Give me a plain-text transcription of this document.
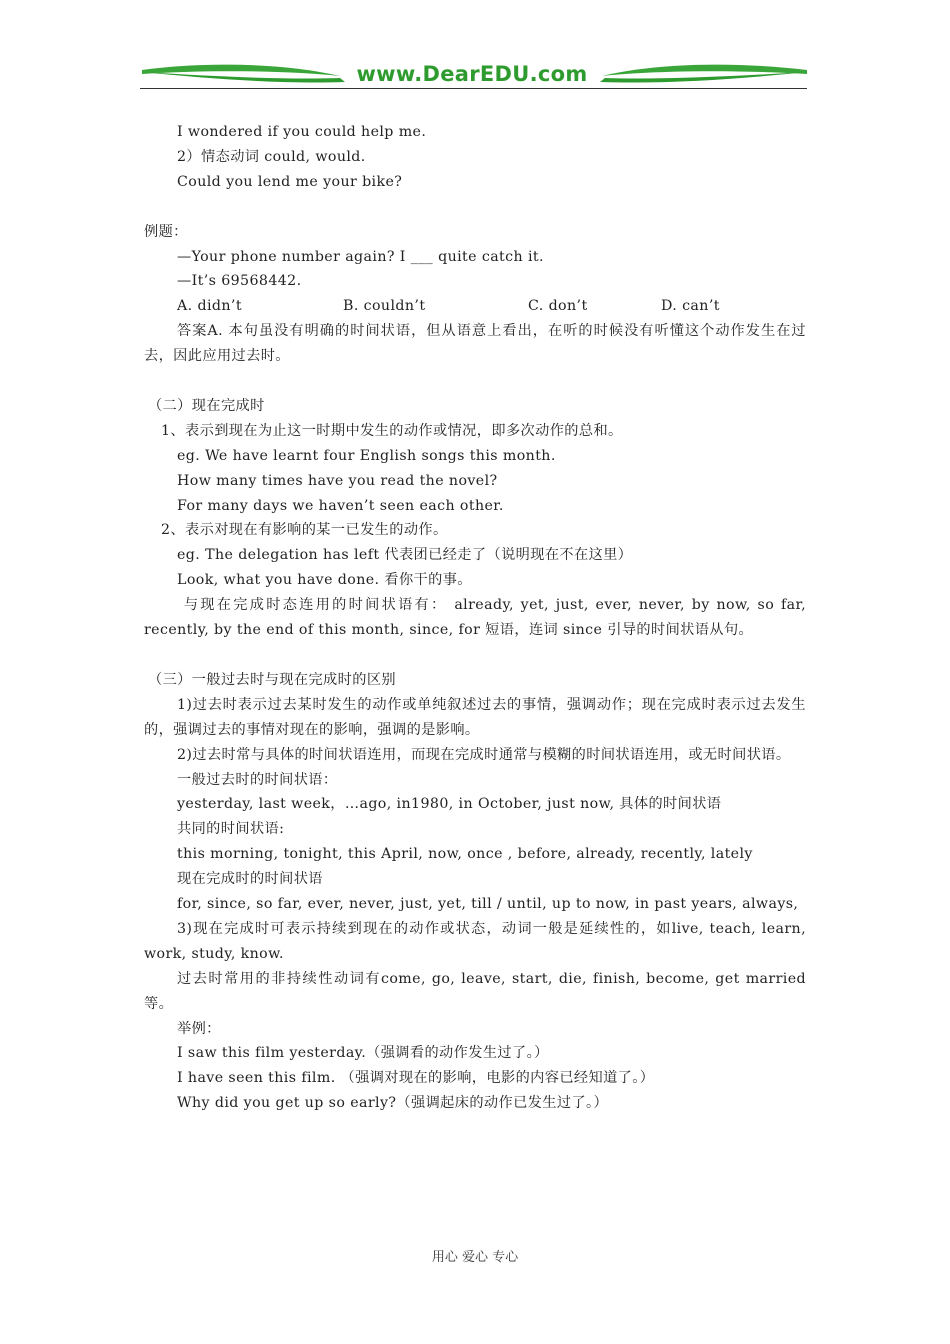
www.DearEDU.com

I wondered if you could help me.

2）情态动词 could, would.

Could you lend me your bike?

例题：

—Your phone number again? I ___ quite catch it.

—It’s 69568442.

A. didn’t	B. couldn’t	C. don’t	D. can’t

答案A. 本句虽没有明确的时间状语，但从语意上看出，在听的时候没有听懂这个动作发生在过去，因此应用过去时。

（二）现在完成时

1、表示到现在为止这一时期中发生的动作或情况，即多次动作的总和。

eg. We have learnt four English songs this month.

How many times have you read the novel?

For many days we haven’t seen each other.

2、表示对现在有影响的某一已发生的动作。

eg. The delegation has left 代表团已经走了（说明现在不在这里）

Look, what you have done. 看你干的事。

与现在完成时态连用的时间状语有： already, yet, just, ever, never, by now, so far, recently, by the end of this month, since, for 短语，连词 since 引导的时间状语从句。

（三）一般过去时与现在完成时的区别

1)过去时表示过去某时发生的动作或单纯叙述过去的事情，强调动作；现在完成时表示过去发生的，强调过去的事情对现在的影响，强调的是影响。

2)过去时常与具体的时间状语连用，而现在完成时通常与模糊的时间状语连用，或无时间状语。

一般过去时的时间状语：

yesterday, last week，…ago, in1980, in October, just now, 具体的时间状语

共同的时间状语:

this morning, tonight, this April, now, once , before, already, recently, lately

现在完成时的时间状语

for, since, so far, ever, never, just, yet, till / until, up to now, in past years, always,

3)现在完成时可表示持续到现在的动作或状态，动词一般是延续性的，如live, teach, learn, work, study, know.

过去时常用的非持续性动词有come, go, leave, start, die, finish, become, get married等。

举例：

I saw this film yesterday.（强调看的动作发生过了。）

I have seen this film. （强调对现在的影响，电影的内容已经知道了。）

Why did you get up so early?（强调起床的动作已发生过了。）

用心 爱心 专心
